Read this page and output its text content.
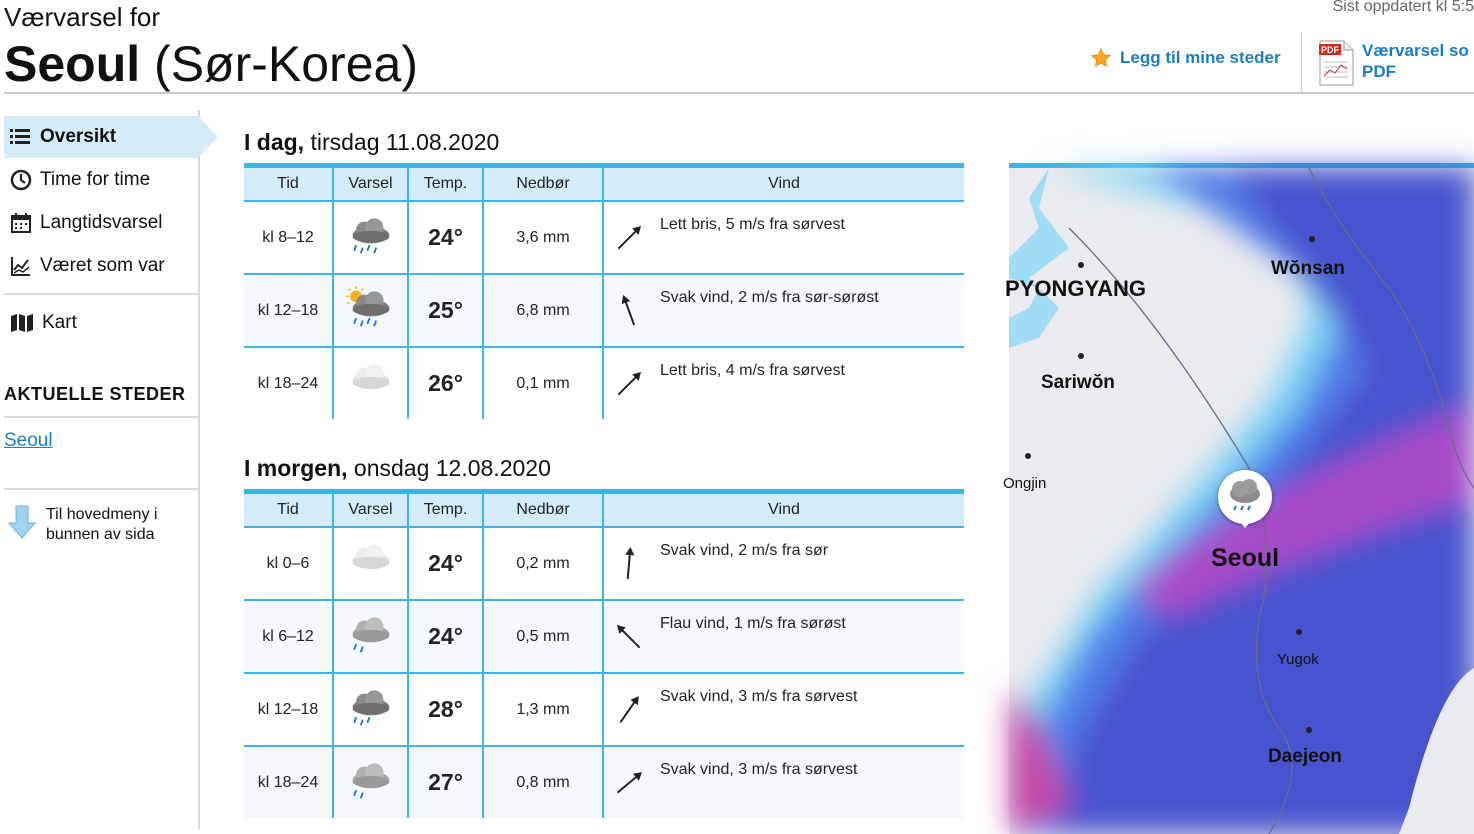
Værvarsel for
Seoul (Sør-Korea)
Sist oppdatert kl 5:5
Legg til mine steder	PDF Værvarsel so
PDF
Oversikt
Time for time
Langtidsvarsel
Været som var
Kart
AKTUELLE STEDER
Seoul
Til hovedmeny i bunnen av sida
I dag, tirsdag 11.08.2020
Tid	Varsel	Temp.	Nedbør	Vind
kl 8–12		24°	3,6 mm	Lett bris, 5 m/s fra sørvest

kl 12–18		25°	6,8 mm	Svak vind, 2 m/s fra sør-sørøst

kl 18–24		26°	0,1 mm	Lett bris, 4 m/s fra sørvest
I morgen, onsdag 12.08.2020
Tid	Varsel	Temp.	Nedbør	Vind
kl 0–6		24°	0,2 mm	Svak vind, 2 m/s fra sør

kl 6–12		24°	0,5 mm	Flau vind, 1 m/s fra sørøst

kl 12–18		28°	1,3 mm	Svak vind, 3 m/s fra sørvest

kl 18–24		27°	0,8 mm	Svak vind, 3 m/s fra sørvest
PYONGYANG
Wŏnsan
Sariwŏn
Ongjin
Seoul
Yugok
Daejeon
